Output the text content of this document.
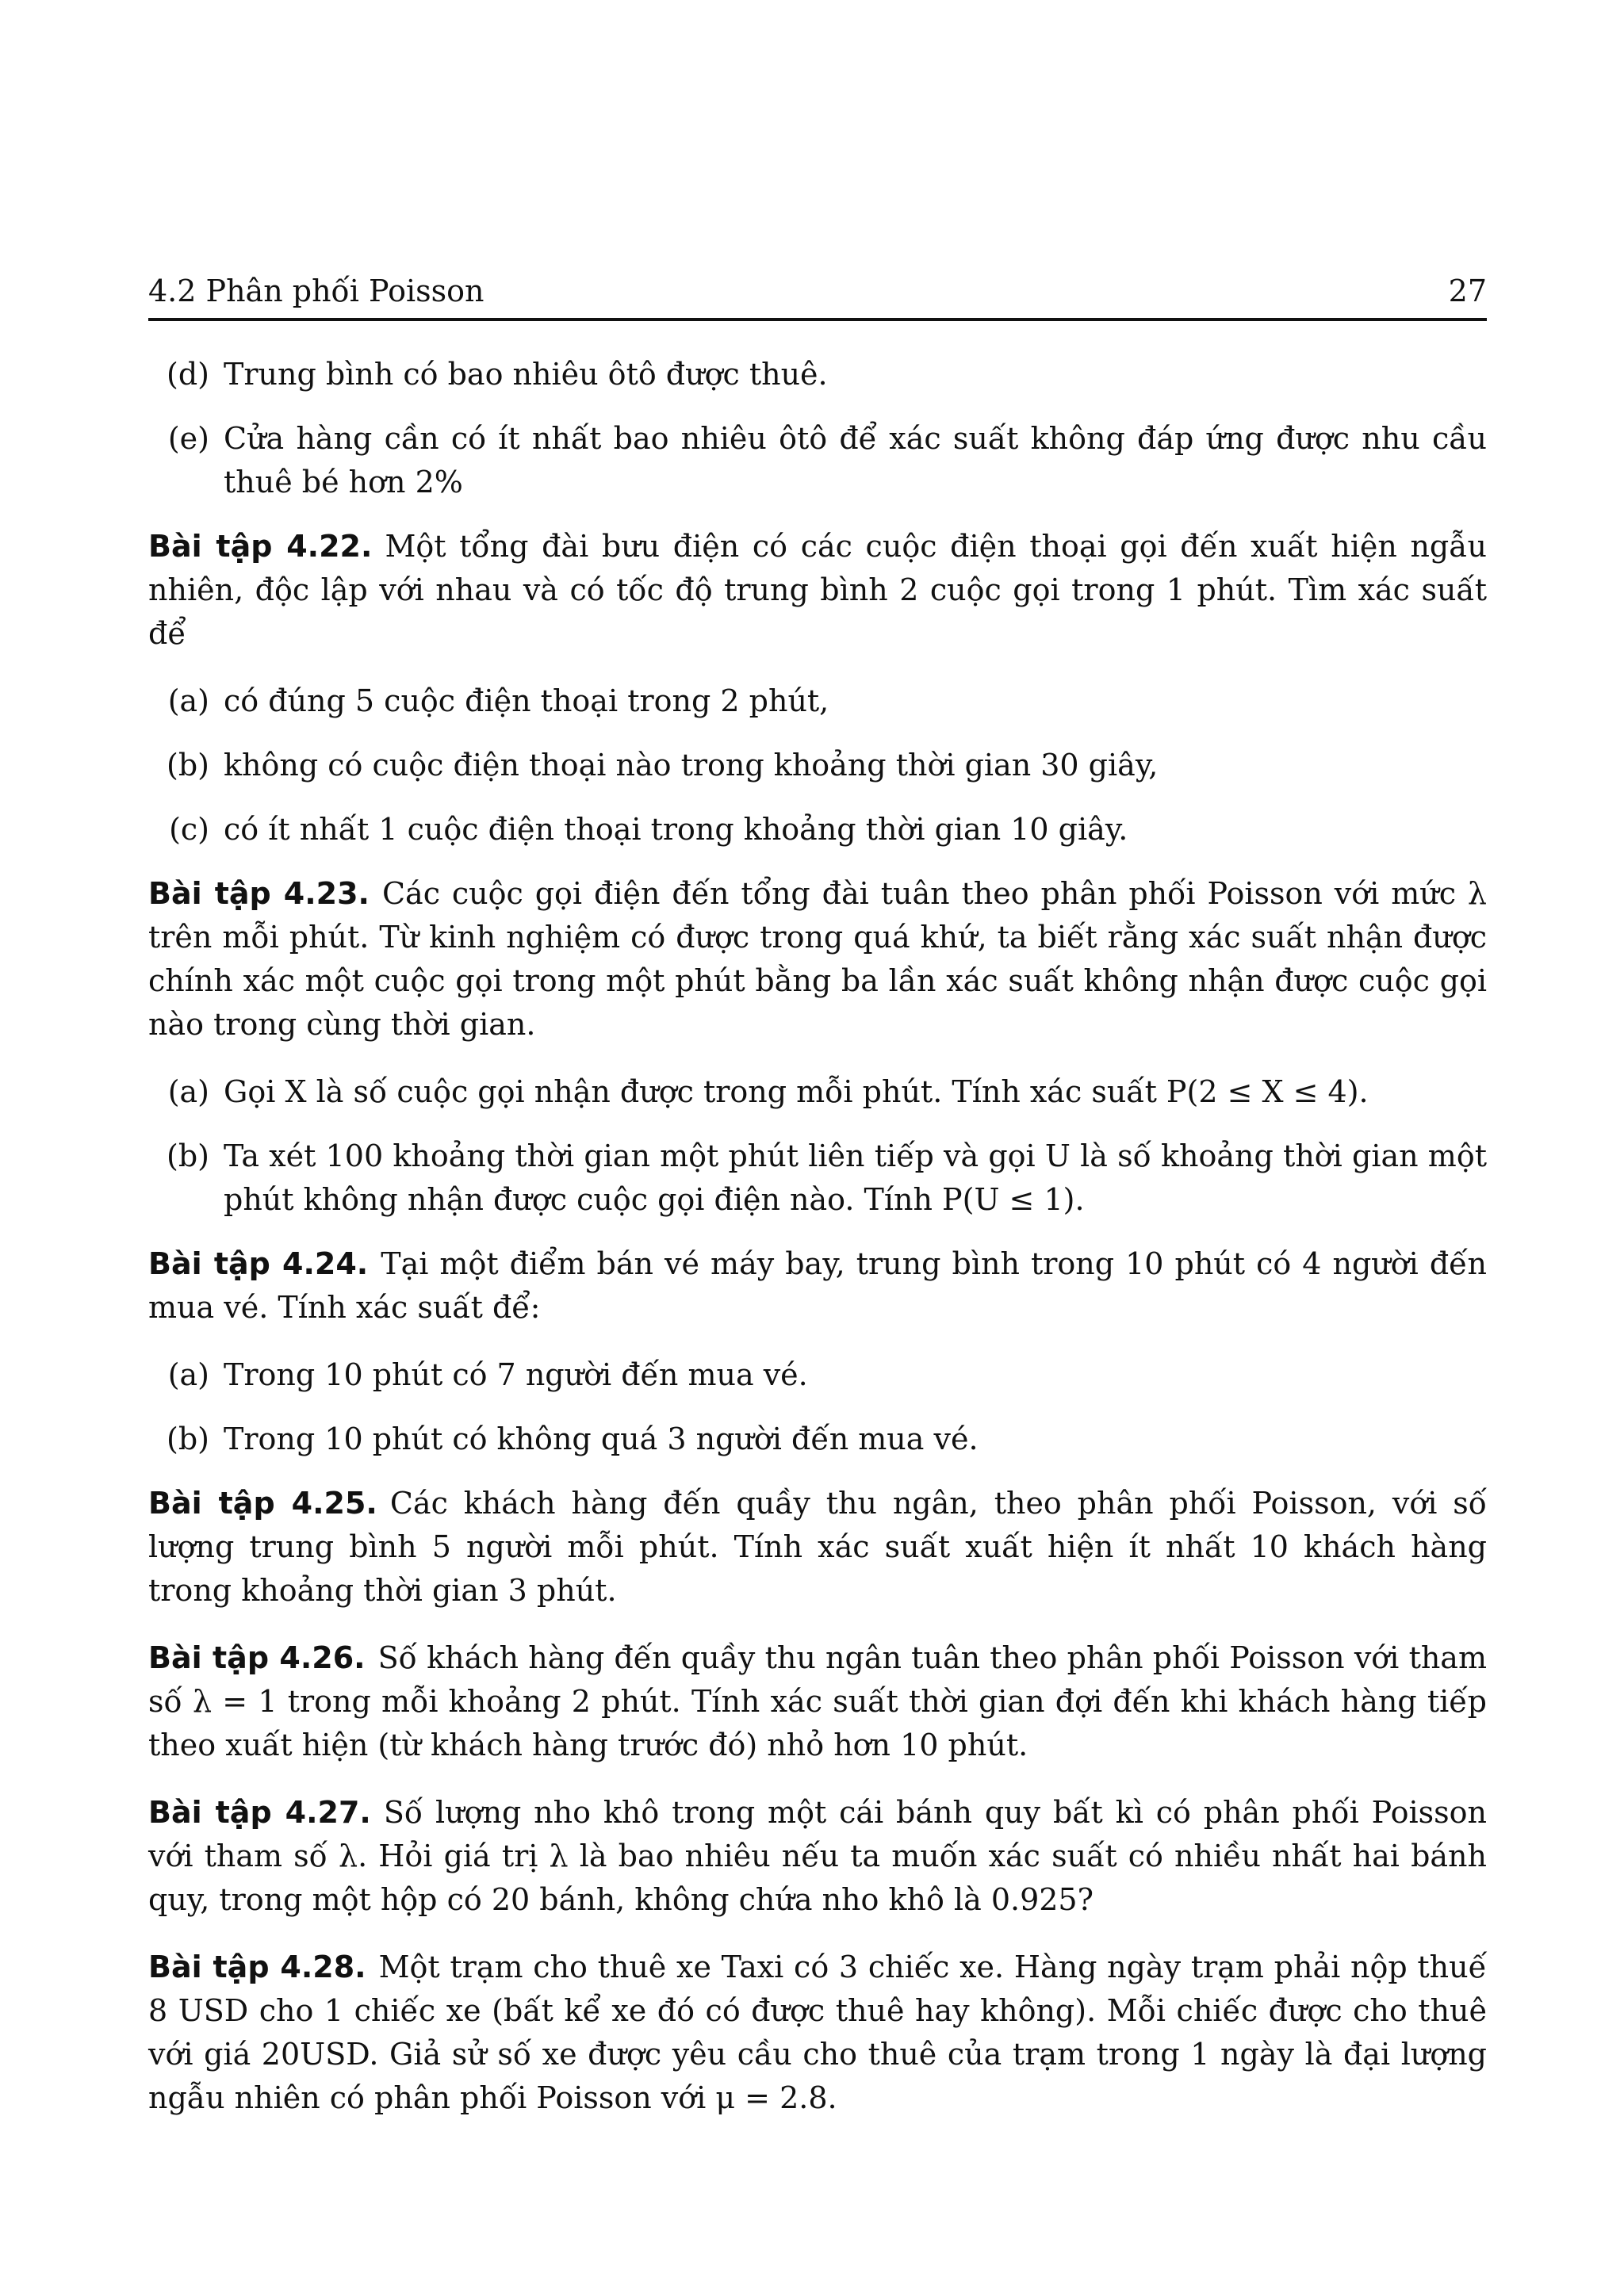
4.2 Phân phối Poisson	27
(d) Trung bình có bao nhiêu ôtô được thuê.
(e) Cửa hàng cần có ít nhất bao nhiêu ôtô để xác suất không đáp ứng được nhu cầu thuê bé hơn 2%
Bài tập 4.22. Một tổng đài bưu điện có các cuộc điện thoại gọi đến xuất hiện ngẫu nhiên, độc lập với nhau và có tốc độ trung bình 2 cuộc gọi trong 1 phút. Tìm xác suất để
(a) có đúng 5 cuộc điện thoại trong 2 phút,
(b) không có cuộc điện thoại nào trong khoảng thời gian 30 giây,
(c) có ít nhất 1 cuộc điện thoại trong khoảng thời gian 10 giây.
Bài tập 4.23. Các cuộc gọi điện đến tổng đài tuân theo phân phối Poisson với mức λ trên mỗi phút. Từ kinh nghiệm có được trong quá khứ, ta biết rằng xác suất nhận được chính xác một cuộc gọi trong một phút bằng ba lần xác suất không nhận được cuộc gọi nào trong cùng thời gian.
(a) Gọi X là số cuộc gọi nhận được trong mỗi phút. Tính xác suất P(2 ≤ X ≤ 4).
(b) Ta xét 100 khoảng thời gian một phút liên tiếp và gọi U là số khoảng thời gian một phút không nhận được cuộc gọi điện nào. Tính P(U ≤ 1).
Bài tập 4.24. Tại một điểm bán vé máy bay, trung bình trong 10 phút có 4 người đến mua vé. Tính xác suất để:
(a) Trong 10 phút có 7 người đến mua vé.
(b) Trong 10 phút có không quá 3 người đến mua vé.
Bài tập 4.25. Các khách hàng đến quầy thu ngân, theo phân phối Poisson, với số lượng trung bình 5 người mỗi phút. Tính xác suất xuất hiện ít nhất 10 khách hàng trong khoảng thời gian 3 phút.
Bài tập 4.26. Số khách hàng đến quầy thu ngân tuân theo phân phối Poisson với tham số λ = 1 trong mỗi khoảng 2 phút. Tính xác suất thời gian đợi đến khi khách hàng tiếp theo xuất hiện (từ khách hàng trước đó) nhỏ hơn 10 phút.
Bài tập 4.27. Số lượng nho khô trong một cái bánh quy bất kì có phân phối Poisson với tham số λ. Hỏi giá trị λ là bao nhiêu nếu ta muốn xác suất có nhiều nhất hai bánh quy, trong một hộp có 20 bánh, không chứa nho khô là 0.925?
Bài tập 4.28. Một trạm cho thuê xe Taxi có 3 chiếc xe. Hàng ngày trạm phải nộp thuế 8 USD cho 1 chiếc xe (bất kể xe đó có được thuê hay không). Mỗi chiếc được cho thuê với giá 20USD. Giả sử số xe được yêu cầu cho thuê của trạm trong 1 ngày là đại lượng ngẫu nhiên có phân phối Poisson với μ = 2.8.
